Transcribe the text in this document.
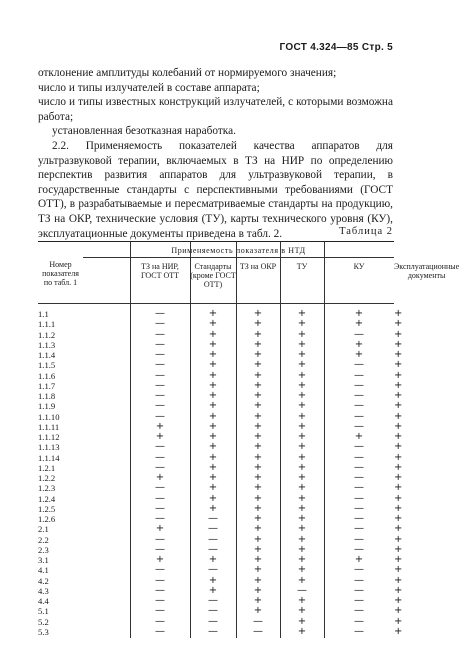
ГОСТ 4.324—85 Стр. 5

отклонение амплитуды колебаний от нормируемого значения;

число и типы излучателей в составе аппарата;

число и типы известных конструкций излучателей, с которыми возможна работа;

установленная безотказная наработка.

2.2. Применяемость показателей качества аппаратов для ультразвуковой терапии, включаемых в ТЗ на НИР по определению перспектив развития аппаратов для ультразвуковой терапии, в государственные стандарты с перспективными требованиями (ГОСТ ОТТ), в разрабатываемые и пересматриваемые стандарты на продукцию, ТЗ на ОКР, технические условия (ТУ), карты технического уровня (КУ), эксплуатационные документы приведена в табл. 2.	Таблица 2
Номер показателя по табл. 1
Применяемость показателя в НТД
ТЗ на НИР, ГОСТ ОТТ
Стандарты (кроме ГОСТ ОТТ)
ТЗ на ОКР	ТУ	КУ	Эксплуатационные документы
1.1	—	+	+	+	+	+
1.1.1	—	+	+	+	+	+
1.1.2	—	+	+	+	—	+
1.1.3	—	+	+	+	+	+
1.1.4	—	+	+	+	+	+
1.1.5	—	+	+	+	—	+
1.1.6	—	+	+	+	—	+
1.1.7	—	+	+	+	—	+
1.1.8	—	+	+	+	—	+
1.1.9	—	+	+	+	—	+
1.1.10	—	+	+	+	—	+
1.1.11	+	+	+	+	—	+
1.1.12	+	+	+	+	+	+
1.1.13	—	+	+	+	—	+
1.1.14	—	+	+	+	—	+
1.2.1	—	+	+	+	—	+
1.2.2	+	+	+	+	—	+
1.2.3	—	+	+	+	—	+
1.2.4	—	+	+	+	—	+
1.2.5	—	+	+	+	—	+
1.2.6	—	—	+	+	—	+
2.1	+	—	+	+	—	+
2.2	—	—	+	+	—	+
2.3	—	—	+	+	—	+
3.1	+	+	+	+	+	+
4.1	—	—	+	+	—	+
4.2	—	+	+	+	—	+
4.3	—	+	+	—	—	+
4.4	—	—	+	+	—	+
5.1	—	—	+	+	—	+
5.2	—	—	—	+	—	+
5.3	—	—	—	+	—	+
